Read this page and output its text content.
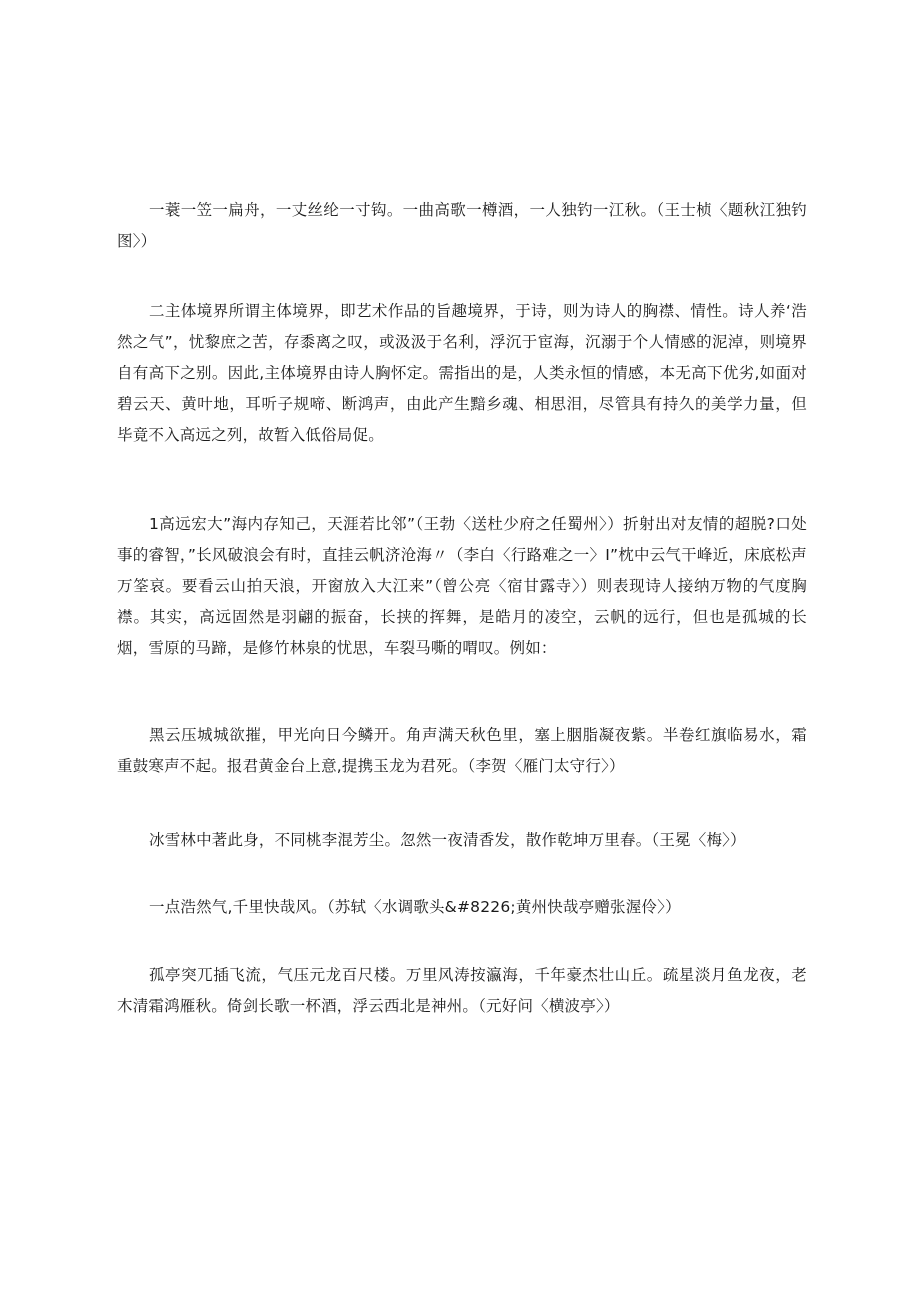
一蓑一笠一扁舟，一丈丝纶一寸钩。一曲高歌一樽酒，一人独钓一江秋。（王士桢〈题秋江独钓图〉）

二主体境界所谓主体境界，即艺术作品的旨趣境界，于诗，则为诗人的胸襟、情性。诗人养‘浩然之气”，忧黎庶之苦，存黍离之叹，或汲汲于名利，浮沉于宦海，沉溺于个人情感的泥淖，则境界自有高下之别。因此,主体境界由诗人胸怀定。需指出的是，人类永恒的情感，本无高下优劣,如面对碧云天、黄叶地，耳听子规啼、断鸿声，由此产生黯乡魂、相思泪，尽管具有持久的美学力量，但毕竟不入高远之列，故暂入低俗局促。

1高远宏大”海内存知己，天涯若比邻”（王勃〈送杜少府之任蜀州〉）折射出对友情的超脱?口处事的睿智，”长风破浪会有时，直挂云帆济沧海〃（李白〈行路难之一〉I”枕中云气干峰近，床底松声万筌哀。要看云山拍天浪，开窗放入大江来”（曾公亮〈宿甘露寺〉）则表现诗人接纳万物的气度胸襟。其实，高远固然是羽翩的振奋，长挟的挥舞，是皓月的凌空，云帆的远行，但也是孤城的长烟，雪原的马蹄，是修竹林泉的忧思，车裂马嘶的喟叹。例如：

黑云压城城欲摧，甲光向日今鳞开。角声满天秋色里，塞上胭脂凝夜紫。半卷红旗临易水，霜重鼓寒声不起。报君黄金台上意,提携玉龙为君死。（李贺〈雁门太守行〉）

冰雪林中著此身，不同桃李混芳尘。忽然一夜清香发，散作乾坤万里春。（王冕〈梅〉）

一点浩然气,千里快哉风。（苏轼〈水调歌头&#8226;黄州快哉亭赠张渥伶〉）

孤亭突兀插飞流，气压元龙百尺楼。万里风涛按瀛海，千年豪杰壮山丘。疏星淡月鱼龙夜，老木清霜鸿雁秋。倚剑长歌一杯酒，浮云西北是神州。（元好问〈横波亭〉）
